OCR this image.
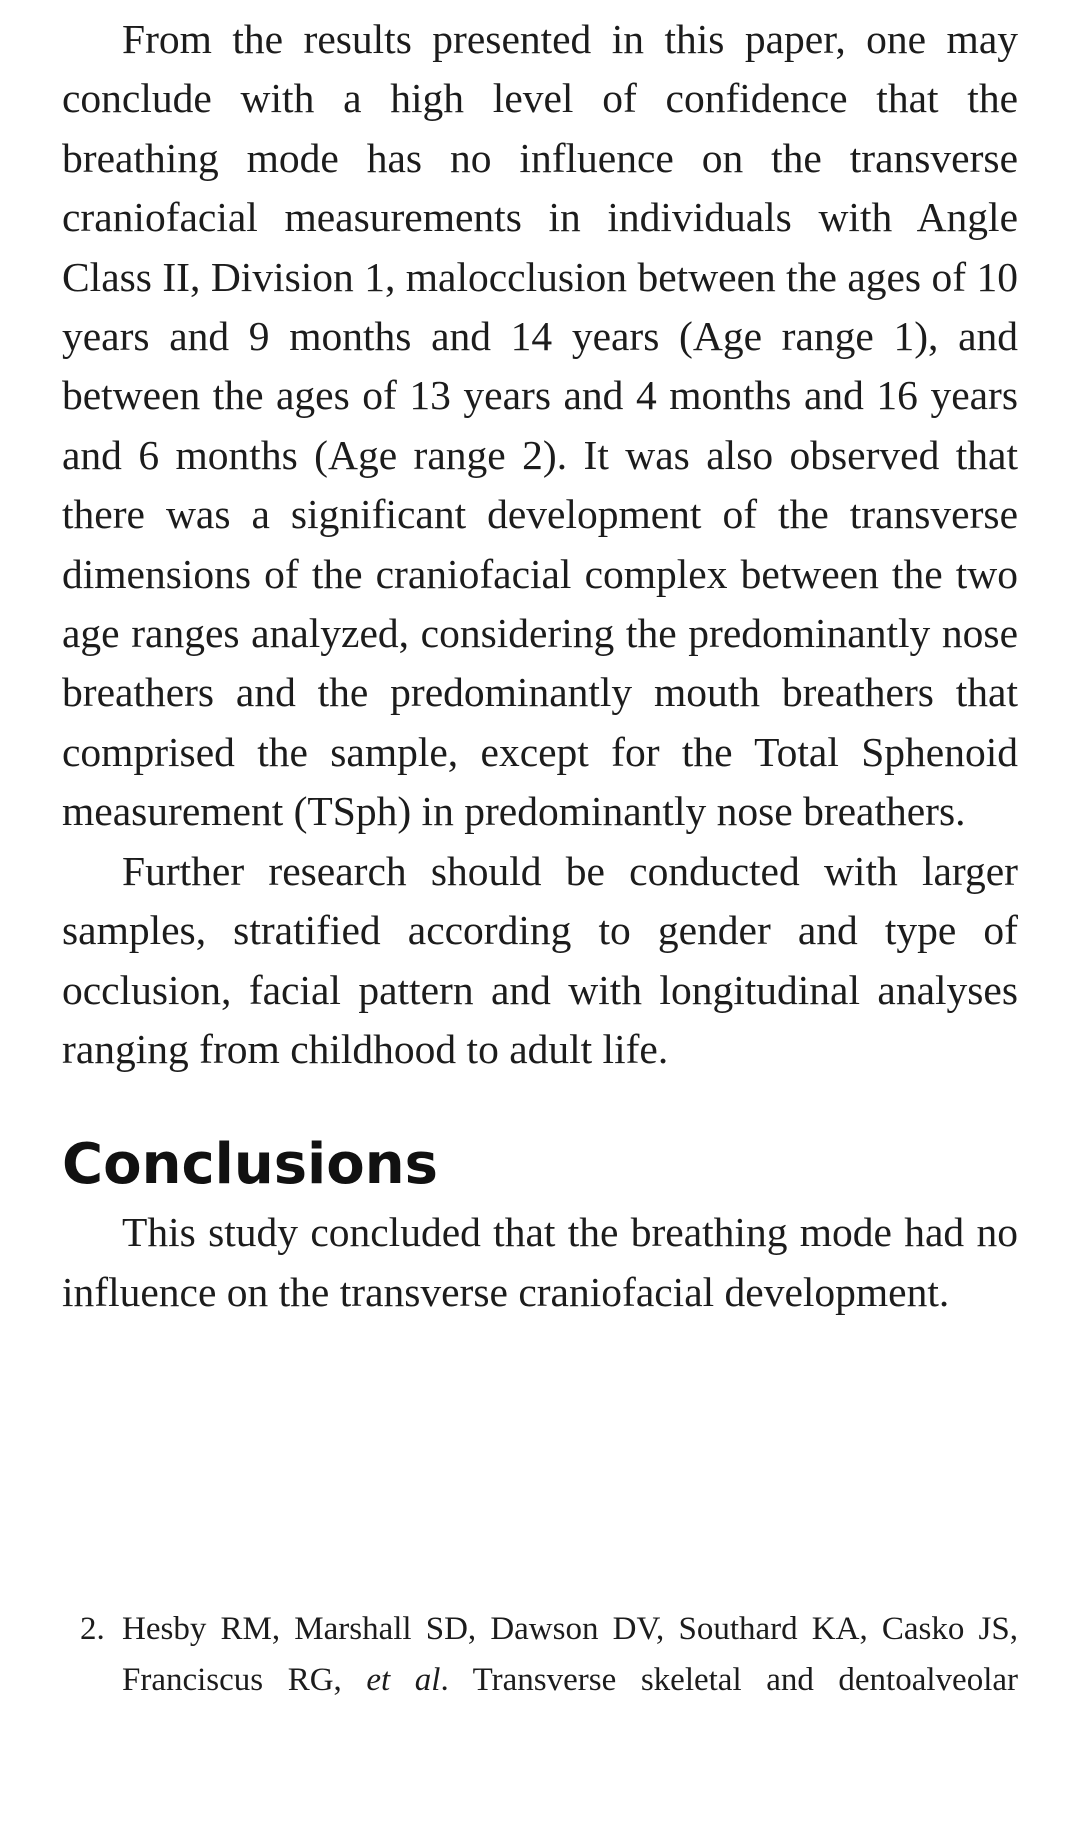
From the results presented in this paper, one may conclude with a high level of confidence that the breathing mode has no influence on the transverse craniofacial measurements in individuals with Angle Class II, Division 1, malocclusion between the ages of 10 years and 9 months and 14 years (Age range 1), and between the ages of 13 years and 4 months and 16 years and 6 months (Age range 2). It was also observed that there was a significant development of the transverse dimensions of the craniofacial complex between the two age ranges analyzed, considering the predominantly nose breathers and the predominantly mouth breathers that comprised the sample, except for the Total Sphenoid measurement (TSph) in predominantly nose breathers.

Further research should be conducted with larger samples, stratified according to gender and type of occlusion, facial pattern and with longitudinal analyses ranging from childhood to adult life.

Conclusions

This study concluded that the breathing mode had no influence on the transverse craniofacial development.

2. Hesby RM, Marshall SD, Dawson DV, Southard KA, Casko JS, Franciscus RG, et al. Transverse skeletal and dentoalveolar
